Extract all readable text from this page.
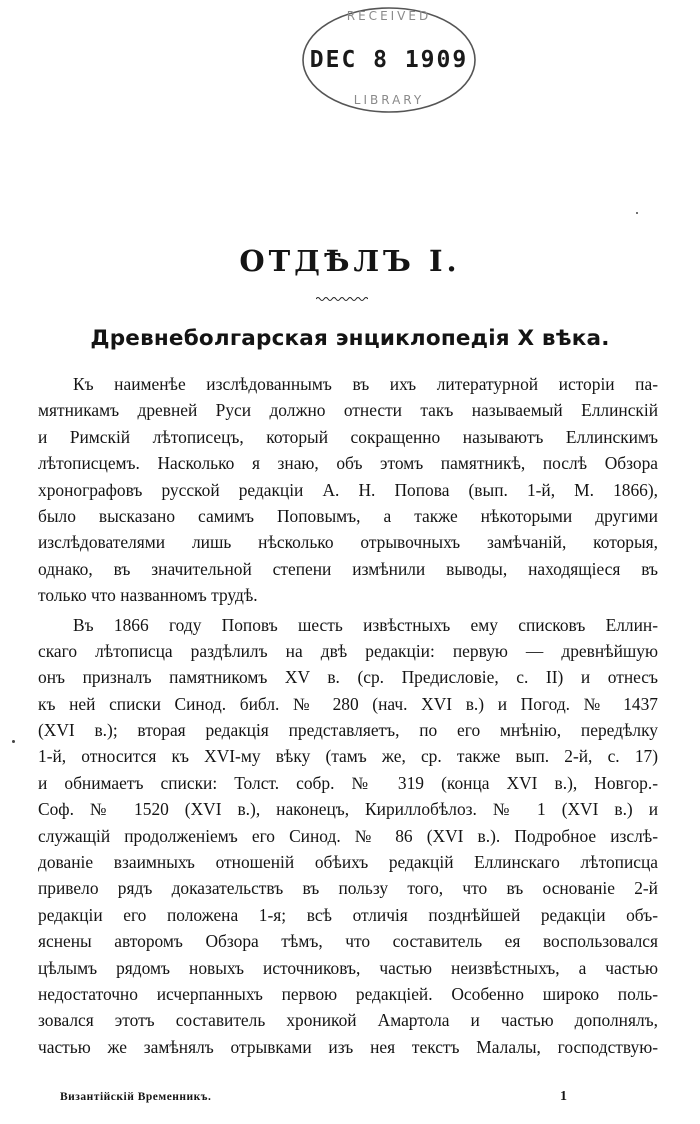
RECEIVED
DEC 8 1909
LIBRARY
ОТДѢЛЪ I.
Древнеболгарская энциклопедія X вѣка.
Къ наименѣе изслѣдованнымъ въ ихъ литературной исторіи па-
мятникамъ древней Руси должно отнести такъ называемый Еллинскій
и Римскій лѣтописецъ, который сокращенно называютъ Еллинскимъ
лѣтописцемъ. Насколько я знаю, объ этомъ памятникѣ, послѣ Обзора
хронографовъ русской редакціи А. Н. Попова (вып. 1-й, М. 1866),
было высказано самимъ Поповымъ, а также нѣкоторыми другими
изслѣдователями лишь нѣсколько отрывочныхъ замѣчаній, которыя,
однако, въ значительной степени измѣнили выводы, находящіеся въ
только что названномъ трудѣ.
Въ 1866 году Поповъ шесть извѣстныхъ ему списковъ Еллин-
скаго лѣтописца раздѣлилъ на двѣ редакціи: первую — древнѣйшую
онъ призналъ памятникомъ XV в. (ср. Предисловіе, с. II) и отнесъ
къ ней списки Синод. библ. № 280 (нач. XVI в.) и Погод. № 1437
(XVI в.); вторая редакція представляетъ, по его мнѣнію, передѣлку
1-й, относится къ XVI-му вѣку (тамъ же, ср. также вып. 2-й, с. 17)
и обнимаетъ списки: Толст. собр. № 319 (конца XVI в.), Новгор.-
Соф. № 1520 (XVI в.), наконецъ, Кириллобѣлоз. № 1 (XVI в.) и
служащій продолженіемъ его Синод. № 86 (XVI в.). Подробное изслѣ-
дованіе взаимныхъ отношеній обѣихъ редакцій Еллинскаго лѣтописца
привело рядъ доказательствъ въ пользу того, что въ основаніе 2-й
редакціи его положена 1-я; всѣ отличія позднѣйшей редакціи объ-
яснены авторомъ Обзора тѣмъ, что составитель ея воспользовался
цѣлымъ рядомъ новыхъ источниковъ, частью неизвѣстныхъ, а частью
недостаточно исчерпанныхъ первою редакціей. Особенно широко поль-
зовался этотъ составитель хроникой Амартола и частью дополнялъ,
частью же замѣнялъ отрывками изъ нея текстъ Малалы, господствую-
Византійскій Временникъ.	1
